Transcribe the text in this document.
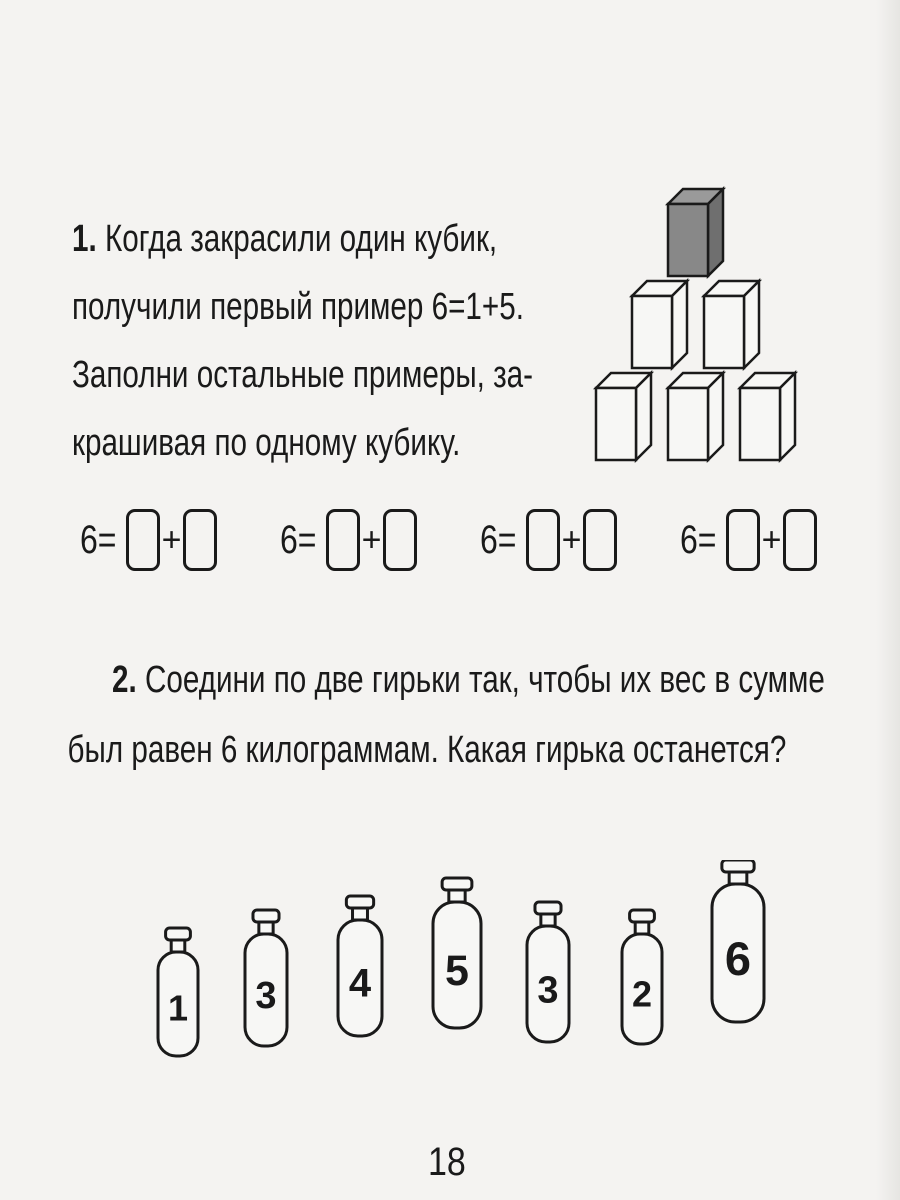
1. Когда закрасили один кубик,
получили первый пример 6=1+5.
Заполни остальные примеры, за-
крашивая по одному кубику.
6= + 6= + 6= + 6= +
2. Соедини по две гирьки так, чтобы их вес в сумме
был равен 6 килограммам. Какая гирька останется?
1 3 4 5 3 2
6
18
